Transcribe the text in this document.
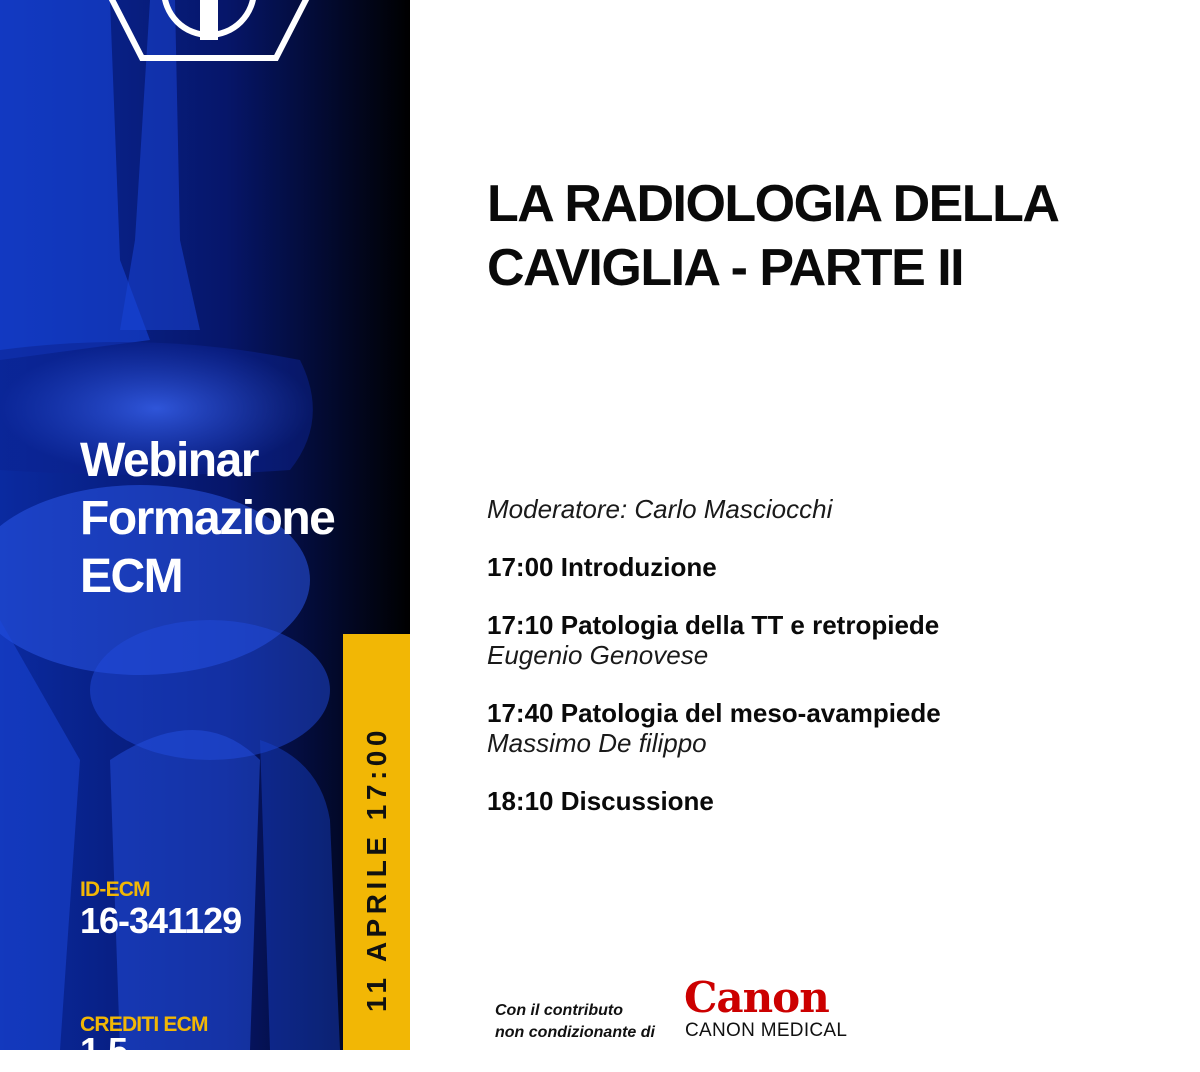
Webinar
Formazione
ECM
ID-ECM
16-341129
CREDITI ECM
1,5
11 APRILE 17:00
LA RADIOLOGIA DELLA
CAVIGLIA - PARTE II

Moderatore: Carlo Masciocchi

17:00 Introduzione
17:10 Patologia della TT e retropiede
Eugenio Genovese
17:40 Patologia del meso-avampiede
Massimo De filippo
18:10 Discussione
Con il contributo
non condizionante di
Canon
CANON MEDICAL
